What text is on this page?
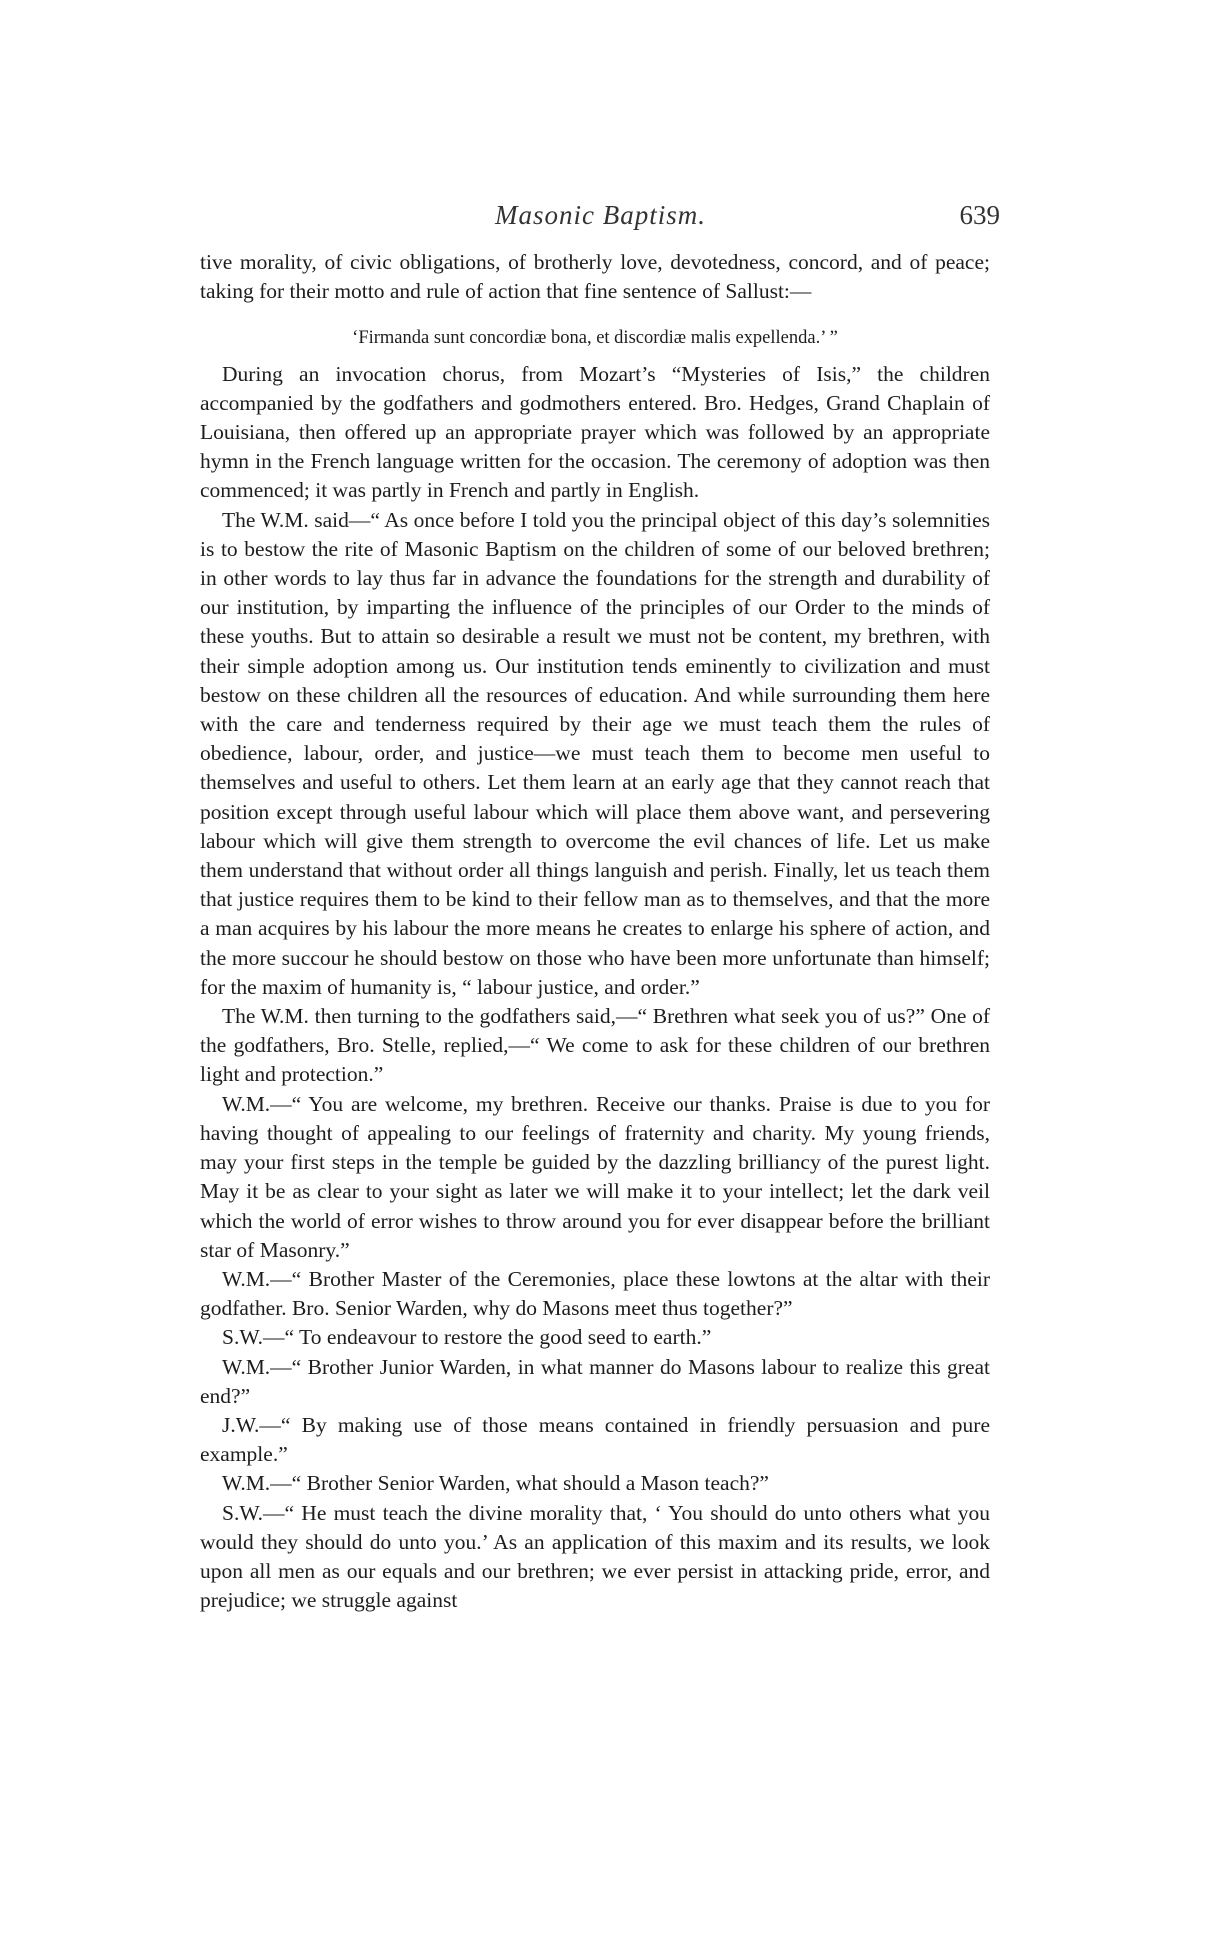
Masonic Baptism.	639

tive morality, of civic obligations, of brotherly love, devotedness, concord, and of peace; taking for their motto and rule of action that fine sentence of Sallust:—

‘Firmanda sunt concordiæ bona, et discordiæ malis expellenda.’ ”

During an invocation chorus, from Mozart’s “Mysteries of Isis,” the children accompanied by the godfathers and godmothers entered. Bro. Hedges, Grand Chaplain of Louisiana, then offered up an appropriate prayer which was followed by an appropriate hymn in the French language written for the occasion. The ceremony of adoption was then commenced; it was partly in French and partly in English.

The W.M. said—“ As once before I told you the principal object of this day’s solemnities is to bestow the rite of Masonic Baptism on the children of some of our beloved brethren; in other words to lay thus far in advance the foundations for the strength and durability of our institution, by imparting the influence of the principles of our Order to the minds of these youths. But to attain so desirable a result we must not be content, my brethren, with their simple adoption among us. Our institution tends eminently to civilization and must bestow on these children all the resources of education. And while surrounding them here with the care and tenderness required by their age we must teach them the rules of obedience, labour, order, and justice—we must teach them to become men useful to themselves and useful to others. Let them learn at an early age that they cannot reach that position except through useful labour which will place them above want, and persevering labour which will give them strength to overcome the evil chances of life. Let us make them understand that without order all things languish and perish. Finally, let us teach them that justice requires them to be kind to their fellow man as to themselves, and that the more a man acquires by his labour the more means he creates to enlarge his sphere of action, and the more succour he should bestow on those who have been more unfortunate than himself; for the maxim of humanity is, “ labour justice, and order.”

The W.M. then turning to the godfathers said,—“ Brethren what seek you of us?” One of the godfathers, Bro. Stelle, replied,—“ We come to ask for these children of our brethren light and protection.”

W.M.—“ You are welcome, my brethren. Receive our thanks. Praise is due to you for having thought of appealing to our feelings of fraternity and charity. My young friends, may your first steps in the temple be guided by the dazzling brilliancy of the purest light. May it be as clear to your sight as later we will make it to your intellect; let the dark veil which the world of error wishes to throw around you for ever disappear before the brilliant star of Masonry.”

W.M.—“ Brother Master of the Ceremonies, place these lowtons at the altar with their godfather. Bro. Senior Warden, why do Masons meet thus together?”

S.W.—“ To endeavour to restore the good seed to earth.”

W.M.—“ Brother Junior Warden, in what manner do Masons labour to realize this great end?”

J.W.—“ By making use of those means contained in friendly persuasion and pure example.”

W.M.—“ Brother Senior Warden, what should a Mason teach?”

S.W.—“ He must teach the divine morality that, ‘ You should do unto others what you would they should do unto you.’ As an application of this maxim and its results, we look upon all men as our equals and our brethren; we ever persist in attacking pride, error, and prejudice; we struggle against
